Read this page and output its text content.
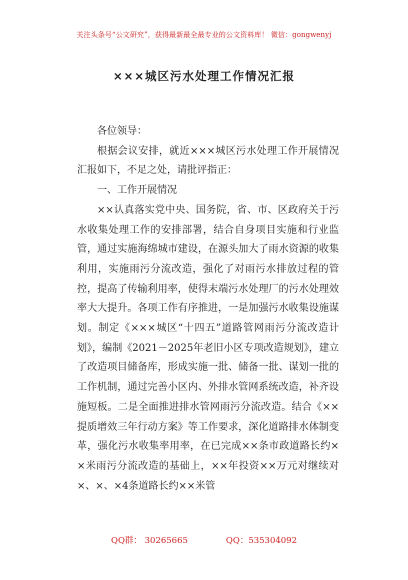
关注头条号“公文研究”，获得最新最全最专业的公文资料库！ 微信：gongwenyj
×××城区污水处理工作情况汇报

各位领导：

根据会议安排，就近×××城区污水处理工作开展情况汇报如下，不足之处，请批评指正：

一、工作开展情况

××认真落实党中央、国务院，省、市、区政府关于污水收集处理工作的安排部署，结合自身项目实施和行业监管，通过实施海绵城市建设，在源头加大了雨水资源的收集利用，实施雨污分流改造，强化了对雨污水排放过程的管控，提高了传输利用率，使得末端污水处理厂的污水处理效率大大提升。各项工作有序推进，一是加强污水收集设施谋划。制定《×××城区“十四五”道路管网雨污分流改造计划》，编制《2021－2025年老旧小区专项改造规划》，建立了改造项目储备库，形成实施一批、储备一批、谋划一批的工作机制，通过完善小区内、外排水管网系统改造，补齐设施短板。二是全面推进排水管网雨污分流改造。结合《××提质增效三年行动方案》等工作要求，深化道路排水体制变革，强化污水收集率用率，在已完成××条市政道路长约××米雨污分流改造的基础上，××年投资××万元对继续对×、×、×4条道路长约××米管

QQ群： 30265665	QQ：535304092
